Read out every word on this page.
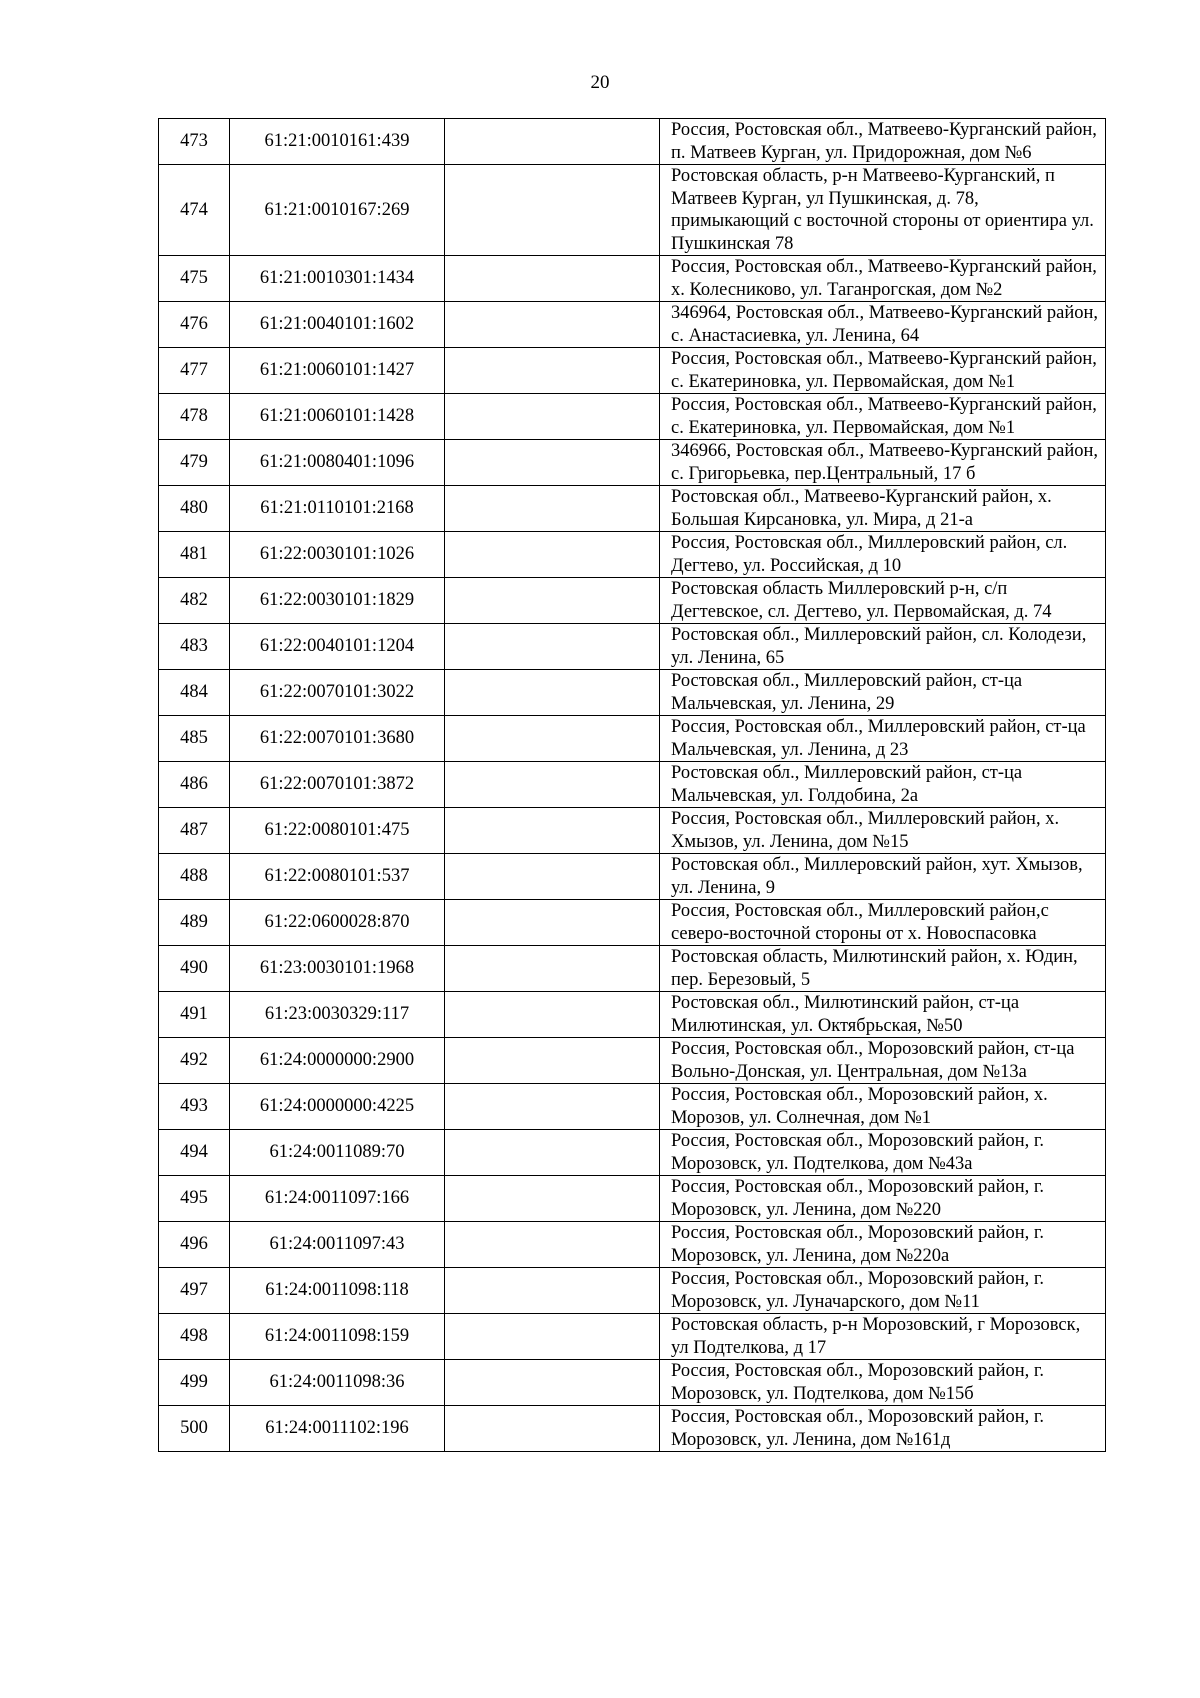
20
473	61:21:0010161:439		Россия, Ростовская обл., Матвеево-Курганский район, п. Матвеев Курган, ул. Придорожная, дом №6
474	61:21:0010167:269		Ростовская область, р-н Матвеево-Курганский, п Матвеев Курган, ул Пушкинская, д. 78, примыкающий с восточной стороны от ориентира ул. Пушкинская 78
475	61:21:0010301:1434		Россия, Ростовская обл., Матвеево-Курганский район, х. Колесниково, ул. Таганрогская, дом №2
476	61:21:0040101:1602		346964, Ростовская обл., Матвеево-Курганский район, с. Анастасиевка, ул. Ленина, 64
477	61:21:0060101:1427		Россия, Ростовская обл., Матвеево-Курганский район, с. Екатериновка, ул. Первомайская, дом №1
478	61:21:0060101:1428		Россия, Ростовская обл., Матвеево-Курганский район, с. Екатериновка, ул. Первомайская, дом №1
479	61:21:0080401:1096		346966, Ростовская обл., Матвеево-Курганский район, с. Григорьевка, пер.Центральный, 17 б
480	61:21:0110101:2168		Ростовская обл., Матвеево-Курганский район, х. Большая Кирсановка, ул. Мира, д 21-а
481	61:22:0030101:1026		Россия, Ростовская обл., Миллеровский район, сл. Дегтево, ул. Российская, д 10
482	61:22:0030101:1829		Ростовская область Миллеровский р-н, с/п Дегтевское, сл. Дегтево, ул. Первомайская, д. 74
483	61:22:0040101:1204		Ростовская обл., Миллеровский район, сл. Колодези, ул. Ленина, 65
484	61:22:0070101:3022		Ростовская обл., Миллеровский район, ст-ца Мальчевская, ул. Ленина, 29
485	61:22:0070101:3680		Россия, Ростовская обл., Миллеровский район, ст-ца Мальчевская, ул. Ленина, д 23
486	61:22:0070101:3872		Ростовская обл., Миллеровский район, ст-ца Мальчевская, ул. Голдобина, 2а
487	61:22:0080101:475		Россия, Ростовская обл., Миллеровский район, х. Хмызов, ул. Ленина, дом №15
488	61:22:0080101:537		Ростовская обл., Миллеровский район, хут. Хмызов, ул. Ленина, 9
489	61:22:0600028:870		Россия, Ростовская обл., Миллеровский район,с северо-восточной стороны от х. Новоспасовка
490	61:23:0030101:1968		Ростовская область, Милютинский район, х. Юдин, пер. Березовый, 5
491	61:23:0030329:117		Ростовская обл., Милютинский район, ст-ца Милютинская, ул. Октябрьская, №50
492	61:24:0000000:2900		Россия, Ростовская обл., Морозовский район, ст-ца Вольно-Донская, ул. Центральная, дом №13а
493	61:24:0000000:4225		Россия, Ростовская обл., Морозовский район, х. Морозов, ул. Солнечная, дом №1
494	61:24:0011089:70		Россия, Ростовская обл., Морозовский район, г. Морозовск, ул. Подтелкова, дом №43а
495	61:24:0011097:166		Россия, Ростовская обл., Морозовский район, г. Морозовск, ул. Ленина, дом №220
496	61:24:0011097:43		Россия, Ростовская обл., Морозовский район, г. Морозовск, ул. Ленина, дом №220а
497	61:24:0011098:118		Россия, Ростовская обл., Морозовский район, г. Морозовск, ул. Луначарского, дом №11
498	61:24:0011098:159		Ростовская область, р-н Морозовский, г Морозовск, ул Подтелкова, д 17
499	61:24:0011098:36		Россия, Ростовская обл., Морозовский район, г. Морозовск, ул. Подтелкова, дом №15б
500	61:24:0011102:196		Россия, Ростовская обл., Морозовский район, г. Морозовск, ул. Ленина, дом №161д
